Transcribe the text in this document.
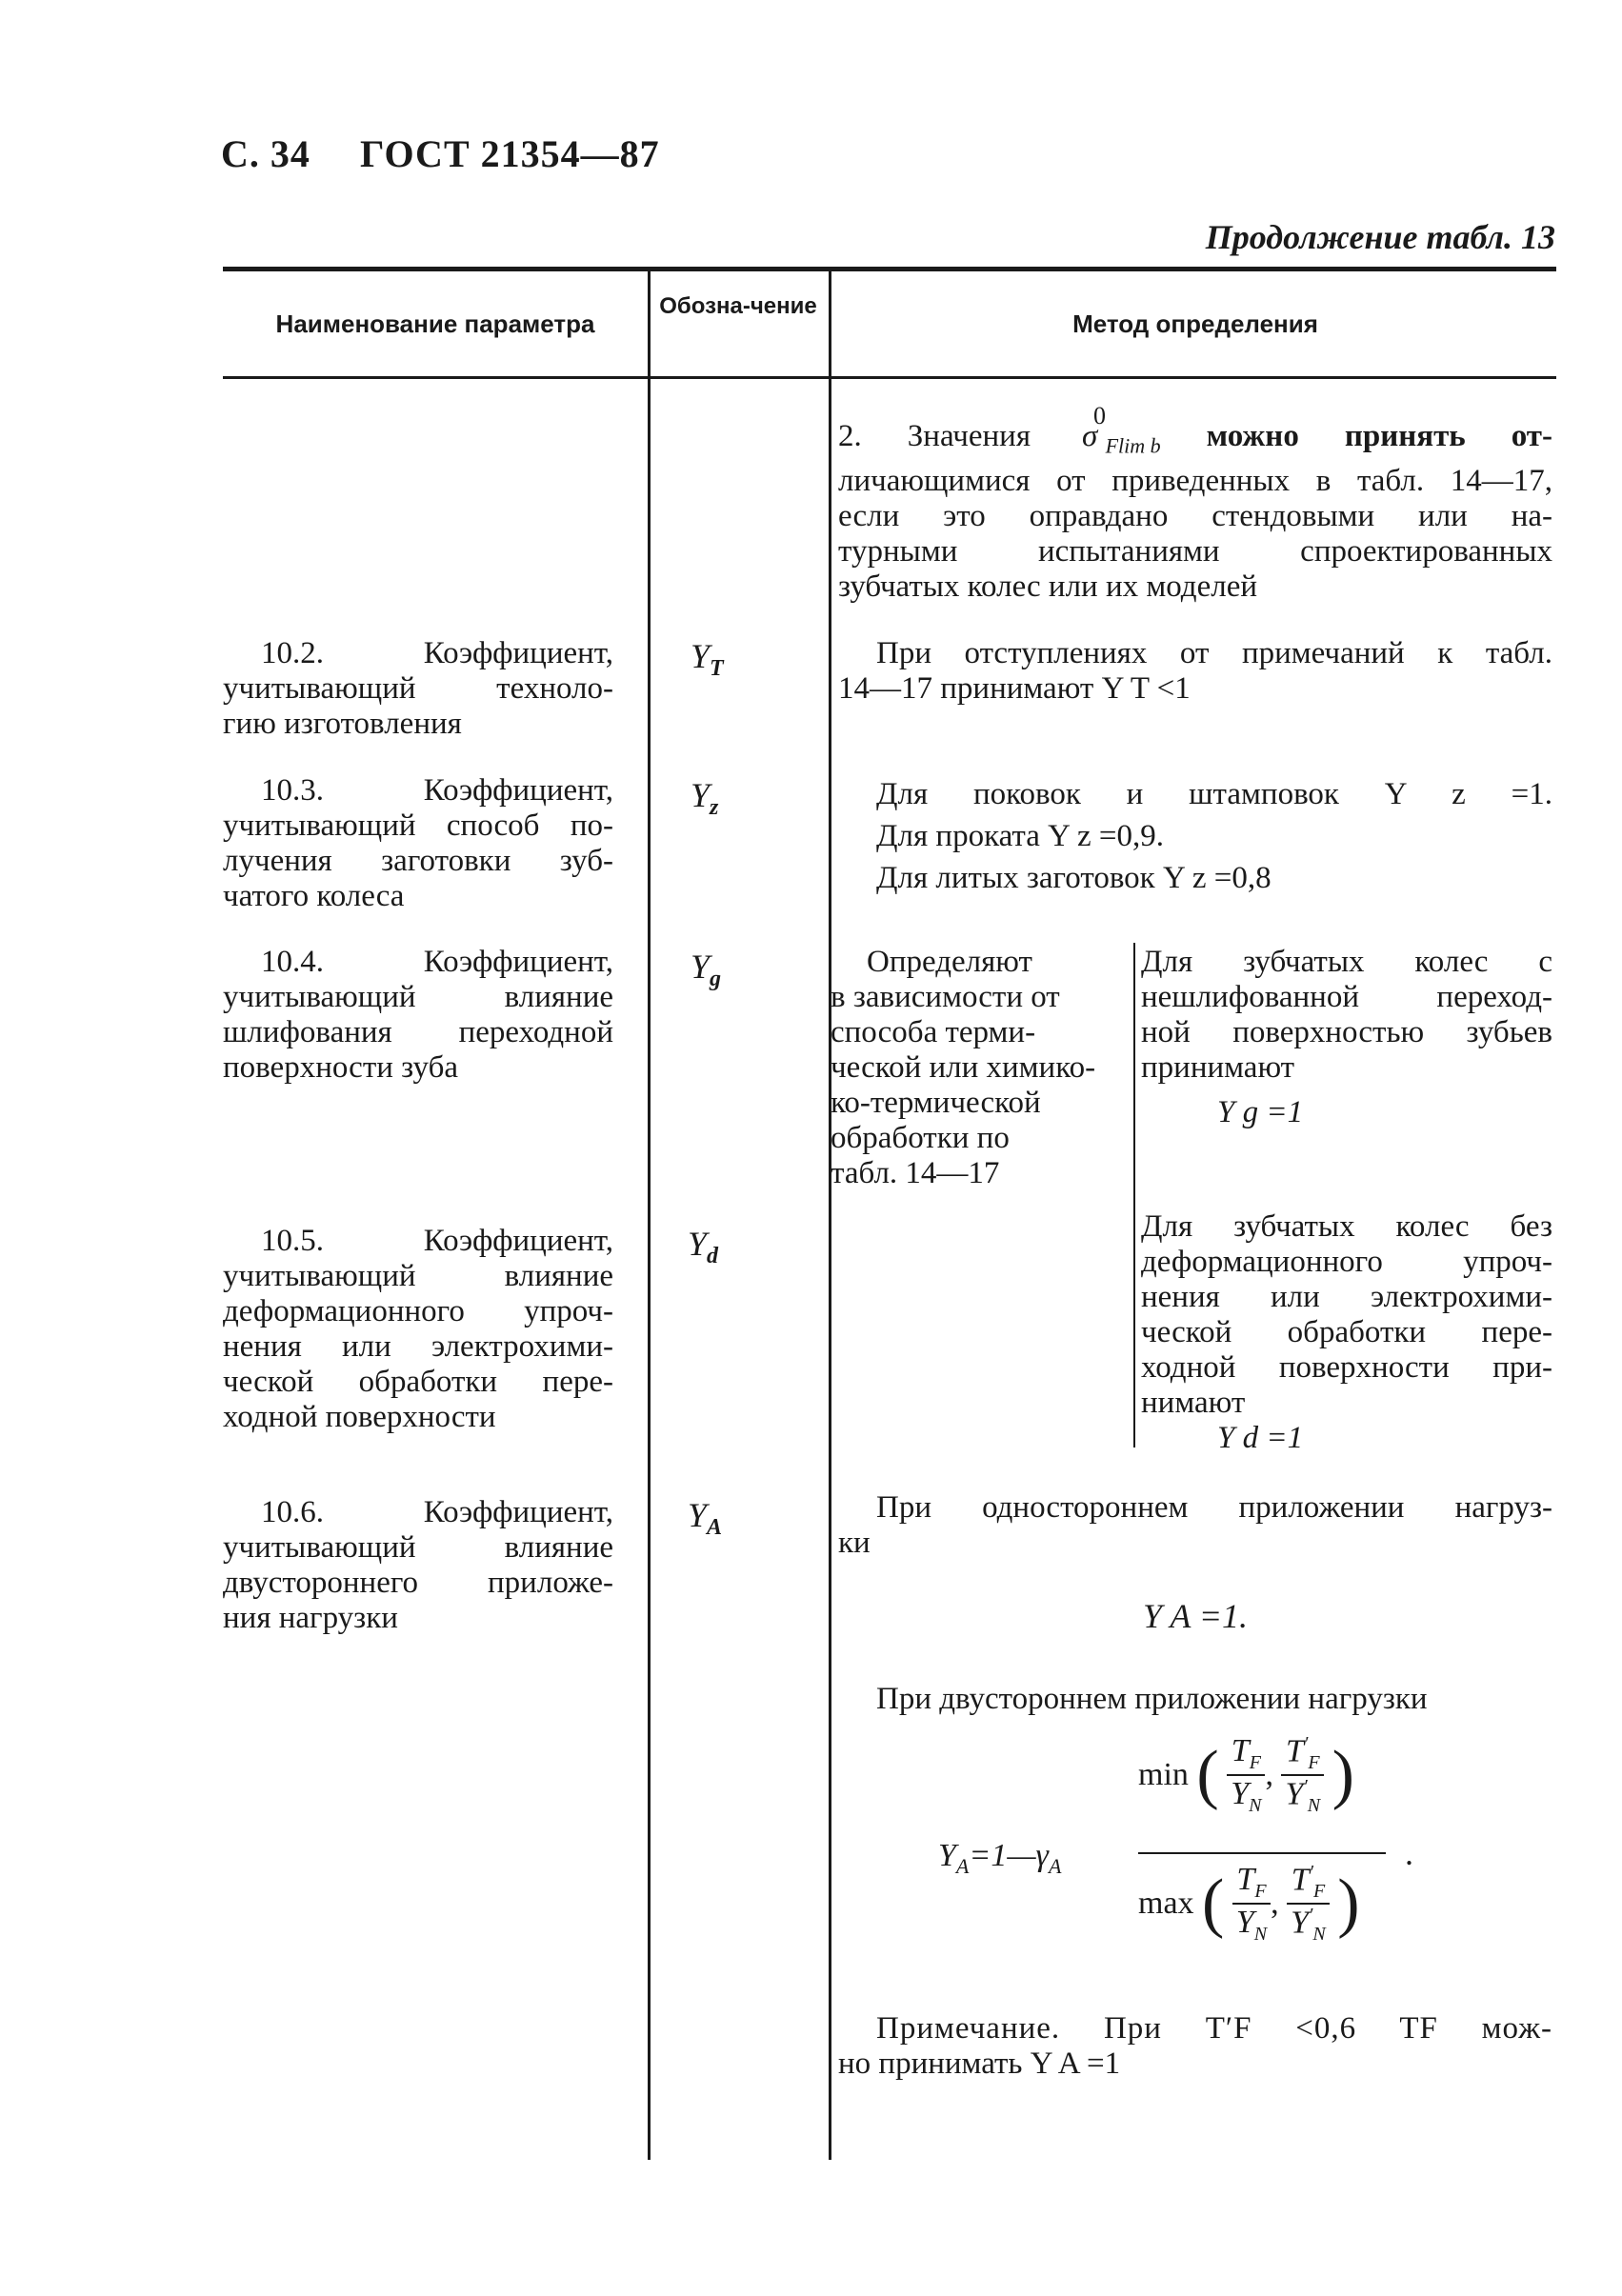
С. 34 ГОСТ 21354—87
Продолжение табл. 13
Наименование параметра
Обозна-чение
Метод определения
2. Значения σ
0
$_{Flim b}$ можно принять от-
личающимися от приведенных в табл. 14—17,
если это оправдано стендовыми или на-
турными испытаниями спроектированных
зубчатых колес или их моделей
10.2. Коэффициент,
учитывающий техноло-
гию изготовления
$Y_T$	При отступлениях от примечаний к табл.
14—17 принимают Y T <1
10.3. Коэффициент,
учитывающий способ по-
лучения заготовки зуб-
чатого колеса
$Y_z$	Для поковок и штамповок Y z =1.
Для проката Y z =0,9.
Для литых заготовок Y z =0,8
10.4. Коэффициент,
учитывающий влияние
шлифования переходной
поверхности зуба
$Y_g$
Определяют
в зависимости от
способа терми-
ческой или химико-
ко-термической
обработки по
табл. 14—17
Для зубчатых колес с
нешлифованной переход-
ной поверхностью зубьев
принимают
Y g =1
10.5. Коэффициент,
учитывающий влияние
деформационного упроч-
нения или электрохими-
ческой обработки пере-
ходной поверхности
$Y_d$
Для зубчатых колес без
деформационного упроч-
нения или электрохими-
ческой обработки пере-
ходной поверхности при-
нимают
Y d =1
10.6. Коэффициент,
учитывающий влияние
двустороннего приложе-
ния нагрузки
$Y_A$
При одностороннем приложении нагруз-
ки
Y A =1.
При двустороннем приложении нагрузки
$Y_A=1—\gamma_A$
min ( $\frac{T_F}{Y_N}$ , $\frac{T'_F}{Y'_N}$ )
max ( $\frac{T_F}{Y_N}$ , $\frac{T'_F}{Y'_N}$ )
.
Примечание. При T′F <0,6 TF мож-
но принимать Y A =1
